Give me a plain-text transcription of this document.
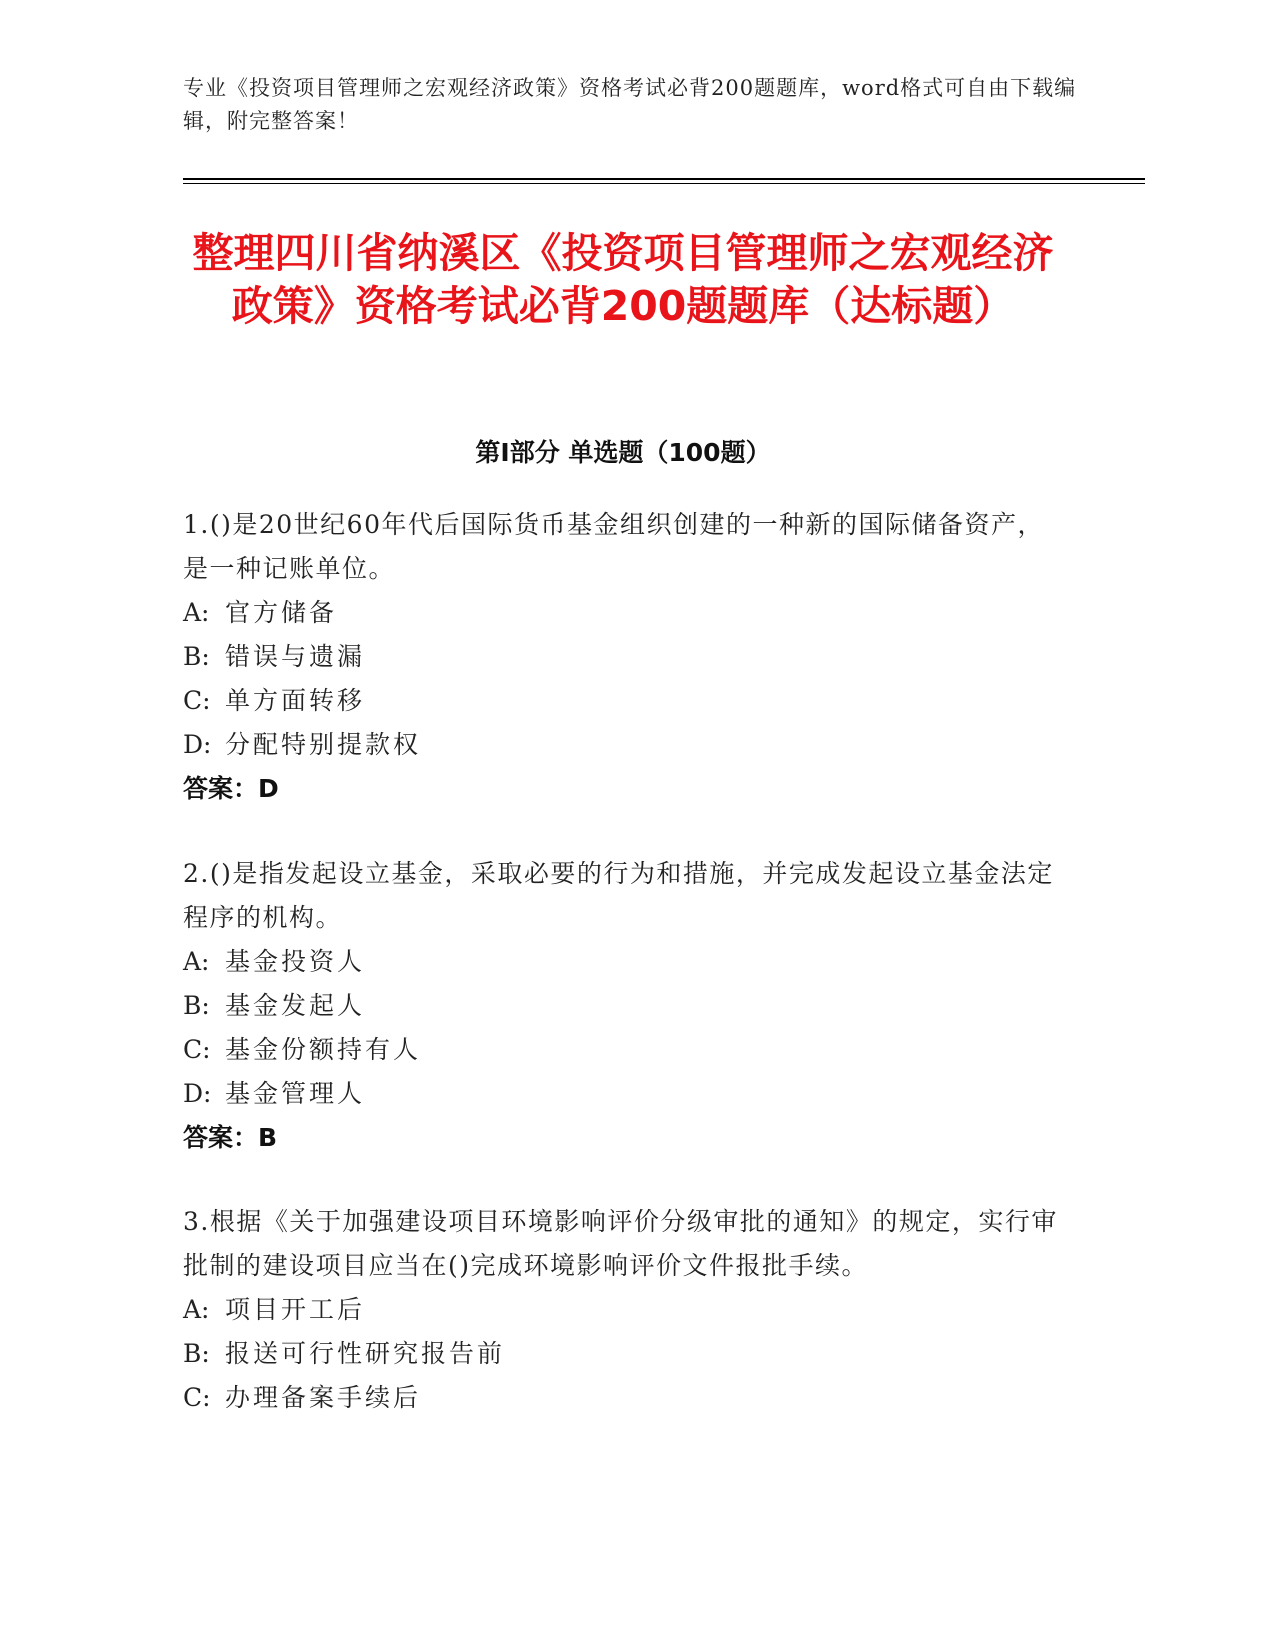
专业《投资项目管理师之宏观经济政策》资格考试必背200题题库，word格式可自由下载编辑，附完整答案！
整理四川省纳溪区《投资项目管理师之宏观经济政策》资格考试必背200题题库（达标题）
第Ⅰ部分 单选题（100题）
1.()是20世纪60年代后国际货币基金组织创建的一种新的国际储备资产，是一种记账单位。
A: 官方储备
B: 错误与遗漏
C: 单方面转移
D: 分配特别提款权
答案：D
2.()是指发起设立基金，采取必要的行为和措施，并完成发起设立基金法定程序的机构。
A: 基金投资人
B: 基金发起人
C: 基金份额持有人
D: 基金管理人
答案：B
3.根据《关于加强建设项目环境影响评价分级审批的通知》的规定，实行审批制的建设项目应当在()完成环境影响评价文件报批手续。
A: 项目开工后
B: 报送可行性研究报告前
C: 办理备案手续后
